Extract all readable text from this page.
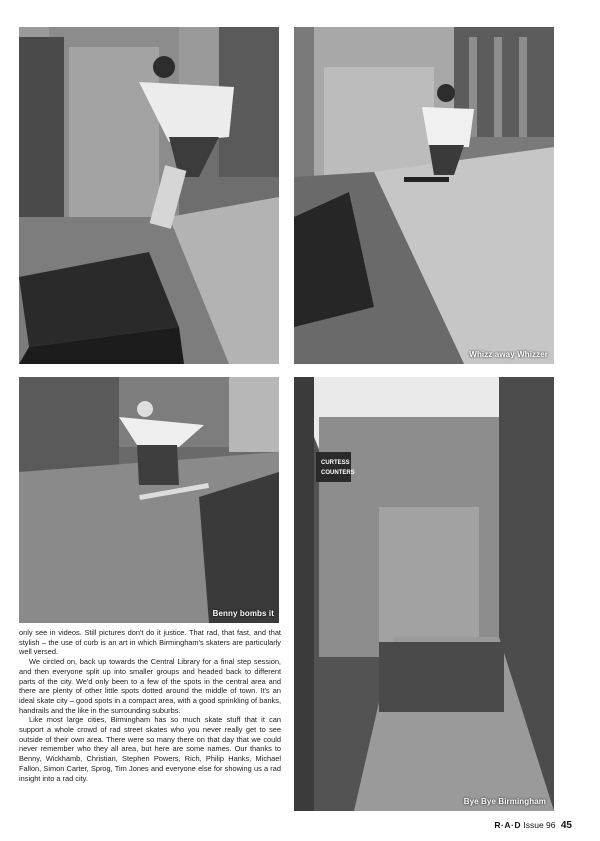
Whizz away Whizzer
Benny bombs it
CURTESS
COUNTERS
Bye Bye Birmingham

only see in videos. Still pictures don't do it justice. That rad, that fast, and that stylish – the use of curb is an art in which Birmingham's skaters are particularly well versed.

We circled on, back up towards the Central Library for a final step session, and then everyone split up into smaller groups and headed back to different parts of the city. We'd only been to a few of the spots in the central area and there are plenty of other little spots dotted around the middle of town. It's an ideal skate city – good spots in a compact area, with a good sprinkling of banks, handrails and the like in the surrounding suburbs.

Like most large cities, Birmingham has so much skate stuff that it can support a whole crowd of rad street skates who you never really get to see outside of their own area. There were so many there on that day that we could never remember who they all area, but here are some names. Our thanks to Benny, Wickhamb, Christian, Stephen Powers, Rich, Philip Hanks, Michael Fallon, Simon Carter, Sprog, Tim Jones and everyone else for showing us a rad insight into a rad city.

R·A·D Issue 96 45
